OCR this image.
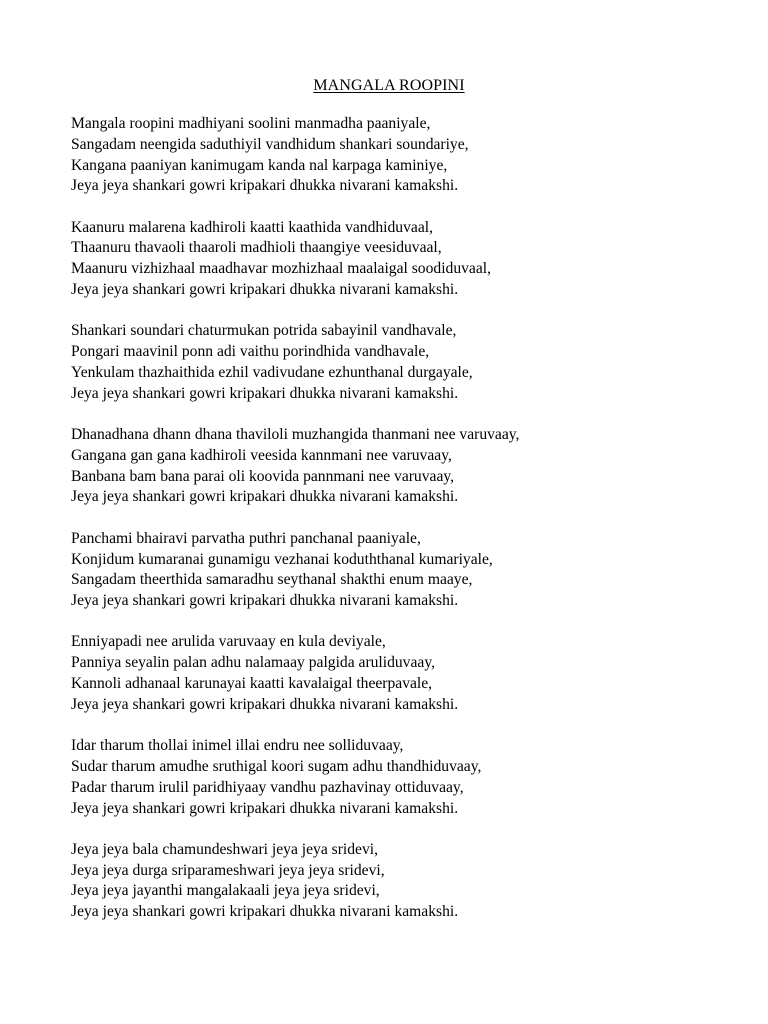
MANGALA ROOPINI
Mangala roopini madhiyani soolini manmadha paaniyale,
Sangadam neengida saduthiyil vandhidum shankari soundariye,
Kangana paaniyan kanimugam kanda nal karpaga kaminiye,
Jeya jeya shankari gowri kripakari dhukka nivarani kamakshi.
Kaanuru malarena kadhiroli kaatti kaathida vandhiduvaal,
Thaanuru thavaoli thaaroli madhioli thaangiye veesiduvaal,
Maanuru vizhizhaal maadhavar mozhizhaal maalaigal soodiduvaal,
Jeya jeya shankari gowri kripakari dhukka nivarani kamakshi.
Shankari soundari chaturmukan potrida sabayinil vandhavale,
Pongari maavinil ponn adi vaithu porindhida vandhavale,
Yenkulam thazhaithida ezhil vadivudane ezhunthanal durgayale,
Jeya jeya shankari gowri kripakari dhukka nivarani kamakshi.
Dhanadhana dhann dhana thaviloli muzhangida thanmani nee varuvaay,
Gangana gan gana kadhiroli veesida kannmani nee varuvaay,
Banbana bam bana parai oli koovida pannmani nee varuvaay,
Jeya jeya shankari gowri kripakari dhukka nivarani kamakshi.
Panchami bhairavi parvatha puthri panchanal paaniyale,
Konjidum kumaranai gunamigu vezhanai koduththanal kumariyale,
Sangadam theerthida samaradhu seythanal shakthi enum maaye,
Jeya jeya shankari gowri kripakari dhukka nivarani kamakshi.
Enniyapadi nee arulida varuvaay en kula deviyale,
Panniya seyalin palan adhu nalamaay palgida aruliduvaay,
Kannoli adhanaal karunayai kaatti kavalaigal theerpavale,
Jeya jeya shankari gowri kripakari dhukka nivarani kamakshi.
Idar tharum thollai inimel illai endru nee solliduvaay,
Sudar tharum amudhe sruthigal koori sugam adhu thandhiduvaay,
Padar tharum irulil paridhiyaay vandhu pazhavinay ottiduvaay,
Jeya jeya shankari gowri kripakari dhukka nivarani kamakshi.
Jeya jeya bala chamundeshwari jeya jeya sridevi,
Jeya jeya durga sriparameshwari jeya jeya sridevi,
Jeya jeya jayanthi mangalakaali jeya jeya sridevi,
Jeya jeya shankari gowri kripakari dhukka nivarani kamakshi.
